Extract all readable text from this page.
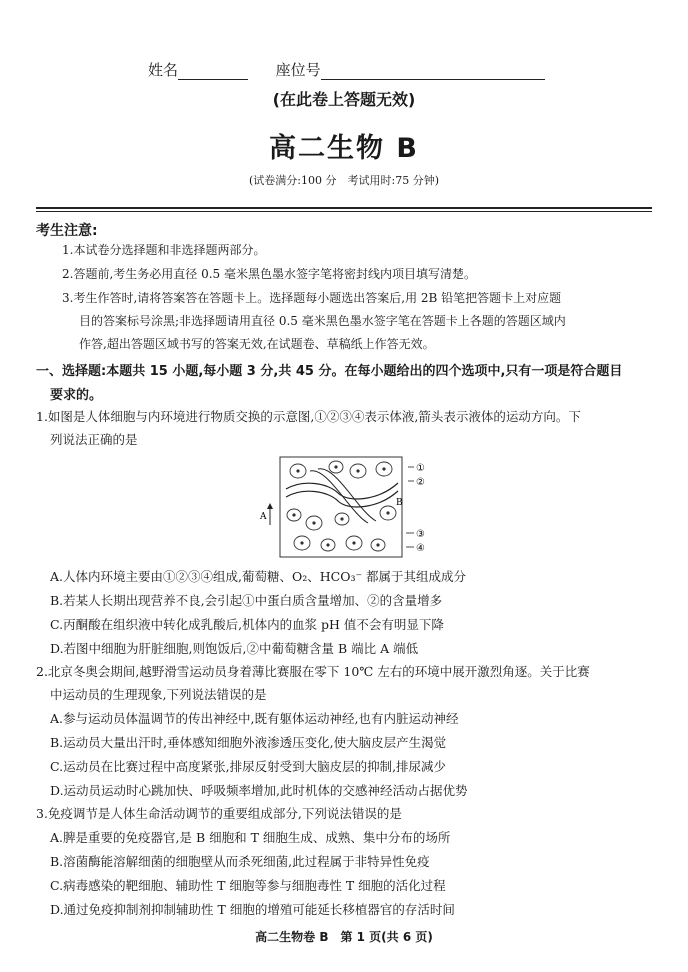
姓名	座位号
(在此卷上答题无效)
高二生物 B
(试卷满分:100 分　考试用时:75 分钟)
考生注意:
1.本试卷分选择题和非选择题两部分。
2.答题前,考生务必用直径 0.5 毫米黑色墨水签字笔将密封线内项目填写清楚。
3.考生作答时,请将答案答在答题卡上。选择题每小题选出答案后,用 2B 铅笔把答题卡上对应题
目的答案标号涂黑;非选择题请用直径 0.5 毫米黑色墨水签字笔在答题卡上各题的答题区域内
作答,超出答题区域书写的答案无效,在试题卷、草稿纸上作答无效。
一、选择题:本题共 15 小题,每小题 3 分,共 45 分。在每小题给出的四个选项中,只有一项是符合题目
要求的。
1.如图是人体细胞与内环境进行物质交换的示意图,①②③④表示体液,箭头表示液体的运动方向。下
列说法正确的是
①
②
③
④
A
B
A.人体内环境主要由①②③④组成,葡萄糖、O₂、HCO₃⁻ 都属于其组成成分
B.若某人长期出现营养不良,会引起①中蛋白质含量增加、②的含量增多
C.丙酮酸在组织液中转化成乳酸后,机体内的血浆 pH 值不会有明显下降
D.若图中细胞为肝脏细胞,则饱饭后,②中葡萄糖含量 B 端比 A 端低
2.北京冬奥会期间,越野滑雪运动员身着薄比赛服在零下 10℃ 左右的环境中展开激烈角逐。关于比赛
中运动员的生理现象,下列说法错误的是
A.参与运动员体温调节的传出神经中,既有躯体运动神经,也有内脏运动神经
B.运动员大量出汗时,垂体感知细胞外液渗透压变化,使大脑皮层产生渴觉
C.运动员在比赛过程中高度紧张,排尿反射受到大脑皮层的抑制,排尿减少
D.运动员运动时心跳加快、呼吸频率增加,此时机体的交感神经活动占据优势
3.免疫调节是人体生命活动调节的重要组成部分,下列说法错误的是
A.脾是重要的免疫器官,是 B 细胞和 T 细胞生成、成熟、集中分布的场所
B.溶菌酶能溶解细菌的细胞壁从而杀死细菌,此过程属于非特异性免疫
C.病毒感染的靶细胞、辅助性 T 细胞等参与细胞毒性 T 细胞的活化过程
D.通过免疫抑制剂抑制辅助性 T 细胞的增殖可能延长移植器官的存活时间
高二生物卷 B　第 1 页(共 6 页)
